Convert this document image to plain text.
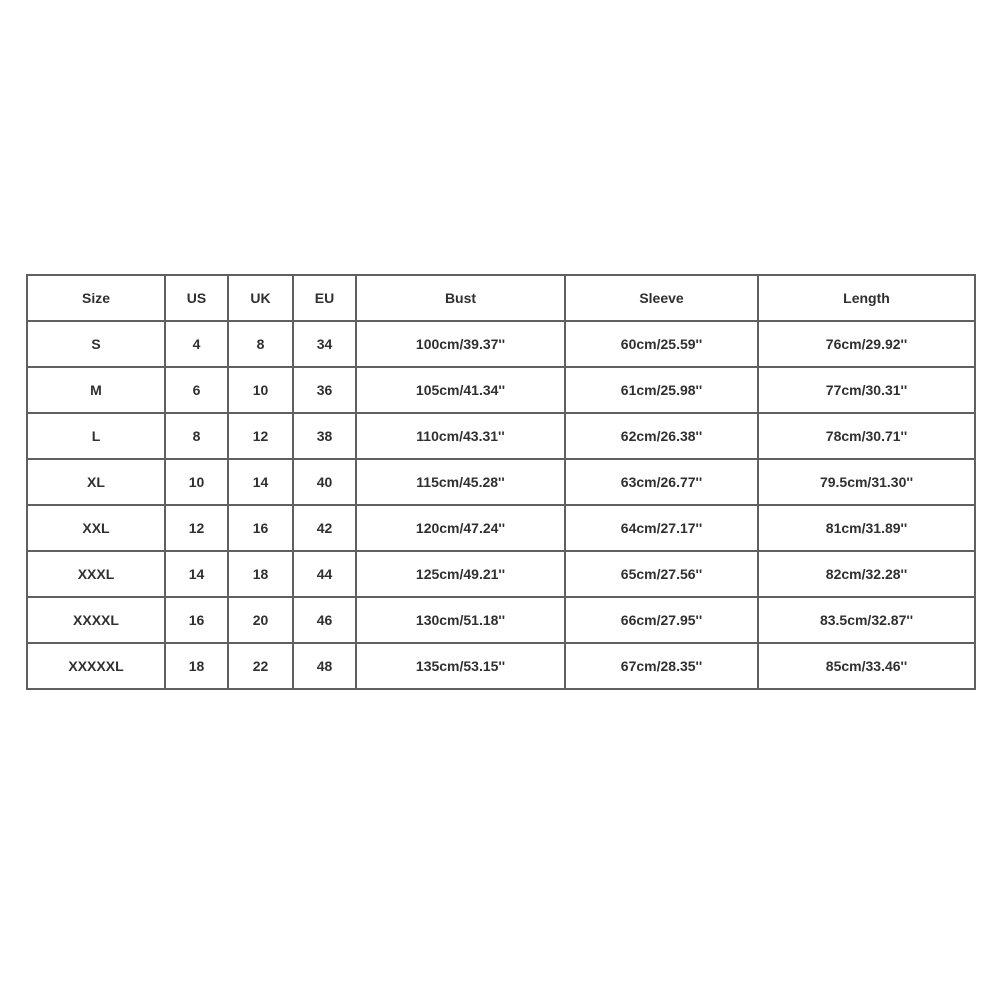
Size	US	UK	EU	Bust	Sleeve	Length
S	4	8	34	100cm/39.37''	60cm/25.59''	76cm/29.92''
M	6	10	36	105cm/41.34''	61cm/25.98''	77cm/30.31''
L	8	12	38	110cm/43.31''	62cm/26.38''	78cm/30.71''
XL	10	14	40	115cm/45.28''	63cm/26.77''	79.5cm/31.30''
XXL	12	16	42	120cm/47.24''	64cm/27.17''	81cm/31.89''
XXXL	14	18	44	125cm/49.21''	65cm/27.56''	82cm/32.28''
XXXXL	16	20	46	130cm/51.18''	66cm/27.95''	83.5cm/32.87''
XXXXXL	18	22	48	135cm/53.15''	67cm/28.35''	85cm/33.46''
